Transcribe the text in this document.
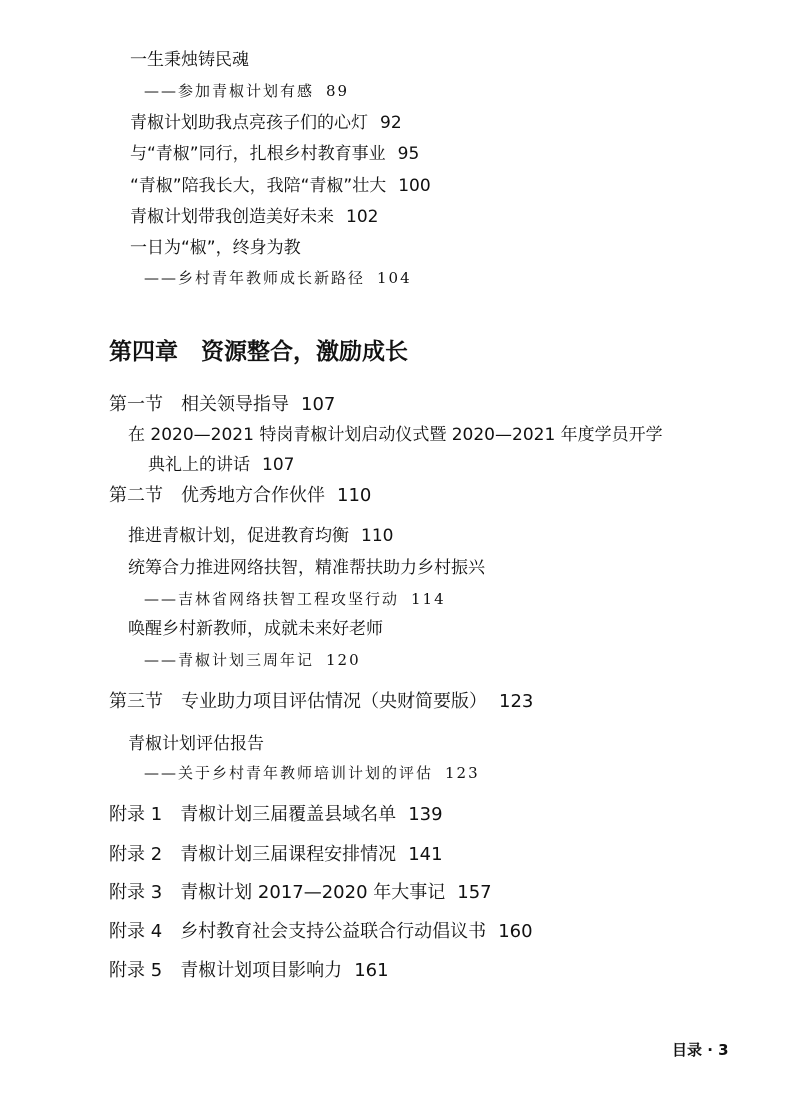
一生秉烛铸民魂
——参加青椒计划有感 89
青椒计划助我点亮孩子们的心灯 92
与“青椒”同行，扎根乡村教育事业 95
“青椒”陪我长大，我陪“青椒”壮大 100
青椒计划带我创造美好未来 102
一日为“椒”，终身为教
——乡村青年教师成长新路径 104
第四章　资源整合，激励成长
第一节　 相关领导指导 107
在 2020—2021 特岗青椒计划启动仪式暨 2020—2021 年度学员开学
典礼上的讲话 107
第二节　 优秀地方合作伙伴 110
推进青椒计划，促进教育均衡 110
统筹合力推进网络扶智，精准帮扶助力乡村振兴
——吉林省网络扶智工程攻坚行动 114
唤醒乡村新教师，成就未来好老师
——青椒计划三周年记 120
第三节　 专业助力项目评估情况（央财简要版） 123
青椒计划评估报告
——关于乡村青年教师培训计划的评估 123
附录 1　 青椒计划三届覆盖县域名单 139
附录 2　 青椒计划三届课程安排情况 141
附录 3　 青椒计划 2017—2020 年大事记 157
附录 4　 乡村教育社会支持公益联合行动倡议书 160
附录 5　 青椒计划项目影响力 161
目录 · 3
